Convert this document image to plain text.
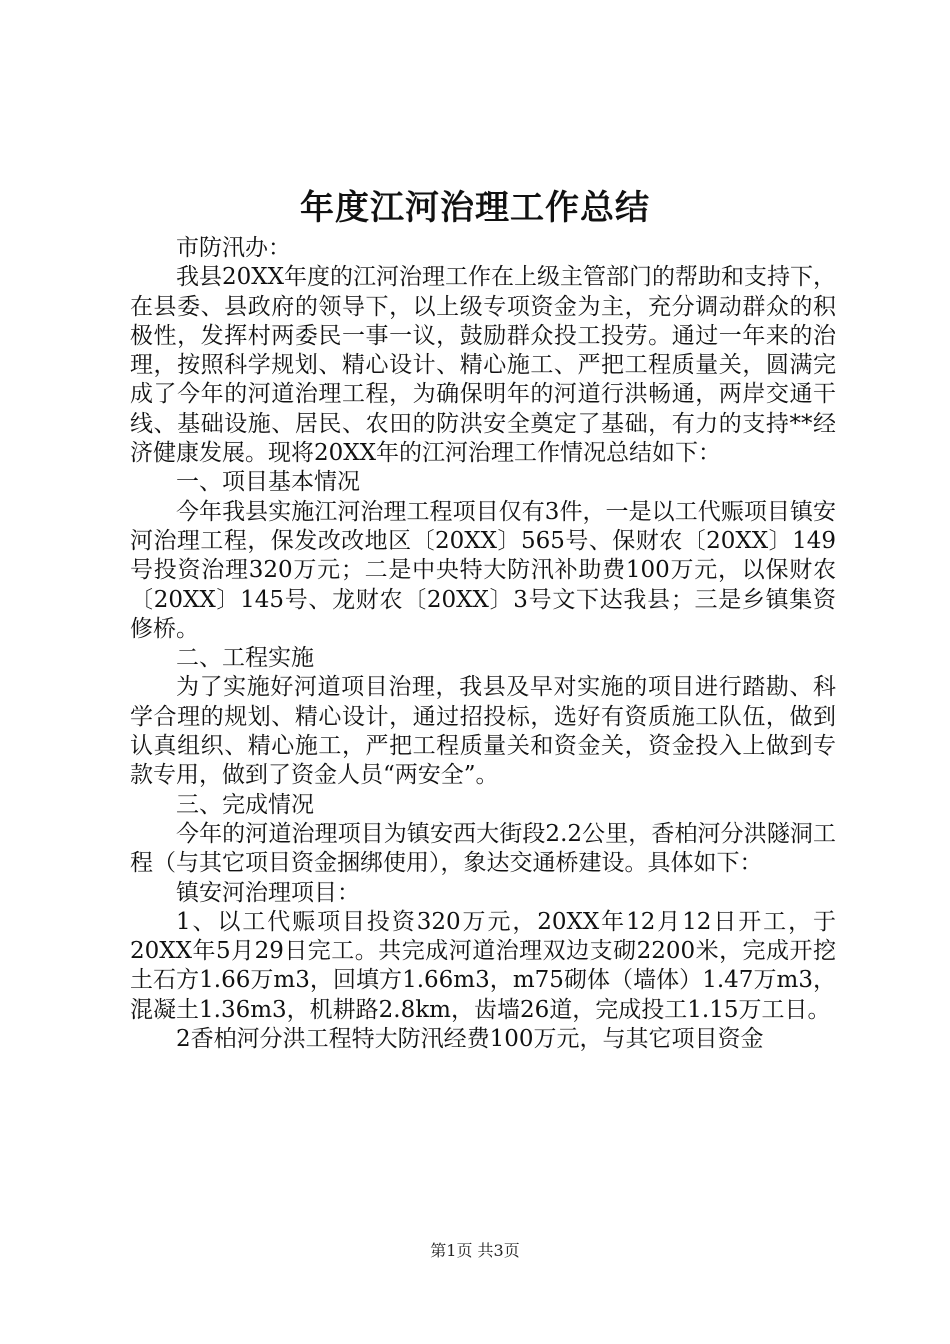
年度江河治理工作总结

市防汛办：

我县20XX年度的江河治理工作在上级主管部门的帮助和支持下，在县委、县政府的领导下，以上级专项资金为主，充分调动群众的积极性，发挥村两委民一事一议，鼓励群众投工投劳。通过一年来的治理，按照科学规划、精心设计、精心施工、严把工程质量关，圆满完成了今年的河道治理工程，为确保明年的河道行洪畅通，两岸交通干线、基础设施、居民、农田的防洪安全奠定了基础，有力的支持**经济健康发展。现将20XX年的江河治理工作情况总结如下：

一、项目基本情况

今年我县实施江河治理工程项目仅有3件，一是以工代赈项目镇安河治理工程，保发改改地区〔20XX〕565号、保财农〔20XX〕149号投资治理320万元；二是中央特大防汛补助费100万元，以保财农〔20XX〕145号、龙财农〔20XX〕3号文下达我县；三是乡镇集资修桥。

二、工程实施

为了实施好河道项目治理，我县及早对实施的项目进行踏勘、科学合理的规划、精心设计，通过招投标，选好有资质施工队伍，做到认真组织、精心施工，严把工程质量关和资金关，资金投入上做到专款专用，做到了资金人员“两安全”。

三、完成情况

今年的河道治理项目为镇安西大街段2.2公里，香柏河分洪隧洞工程（与其它项目资金捆绑使用），象达交通桥建设。具体如下：

镇安河治理项目：

1、以工代赈项目投资320万元，20XX年12月12日开工，于20XX年5月29日完工。共完成河道治理双边支砌2200米，完成开挖土石方1.66万m3，回填方1.66m3，m75砌体（墙体）1.47万m3，混凝土1.36m3，机耕路2.8km，齿墙26道，完成投工1.15万工日。

2香柏河分洪工程特大防汛经费100万元，与其它项目资金

第1页 共3页
